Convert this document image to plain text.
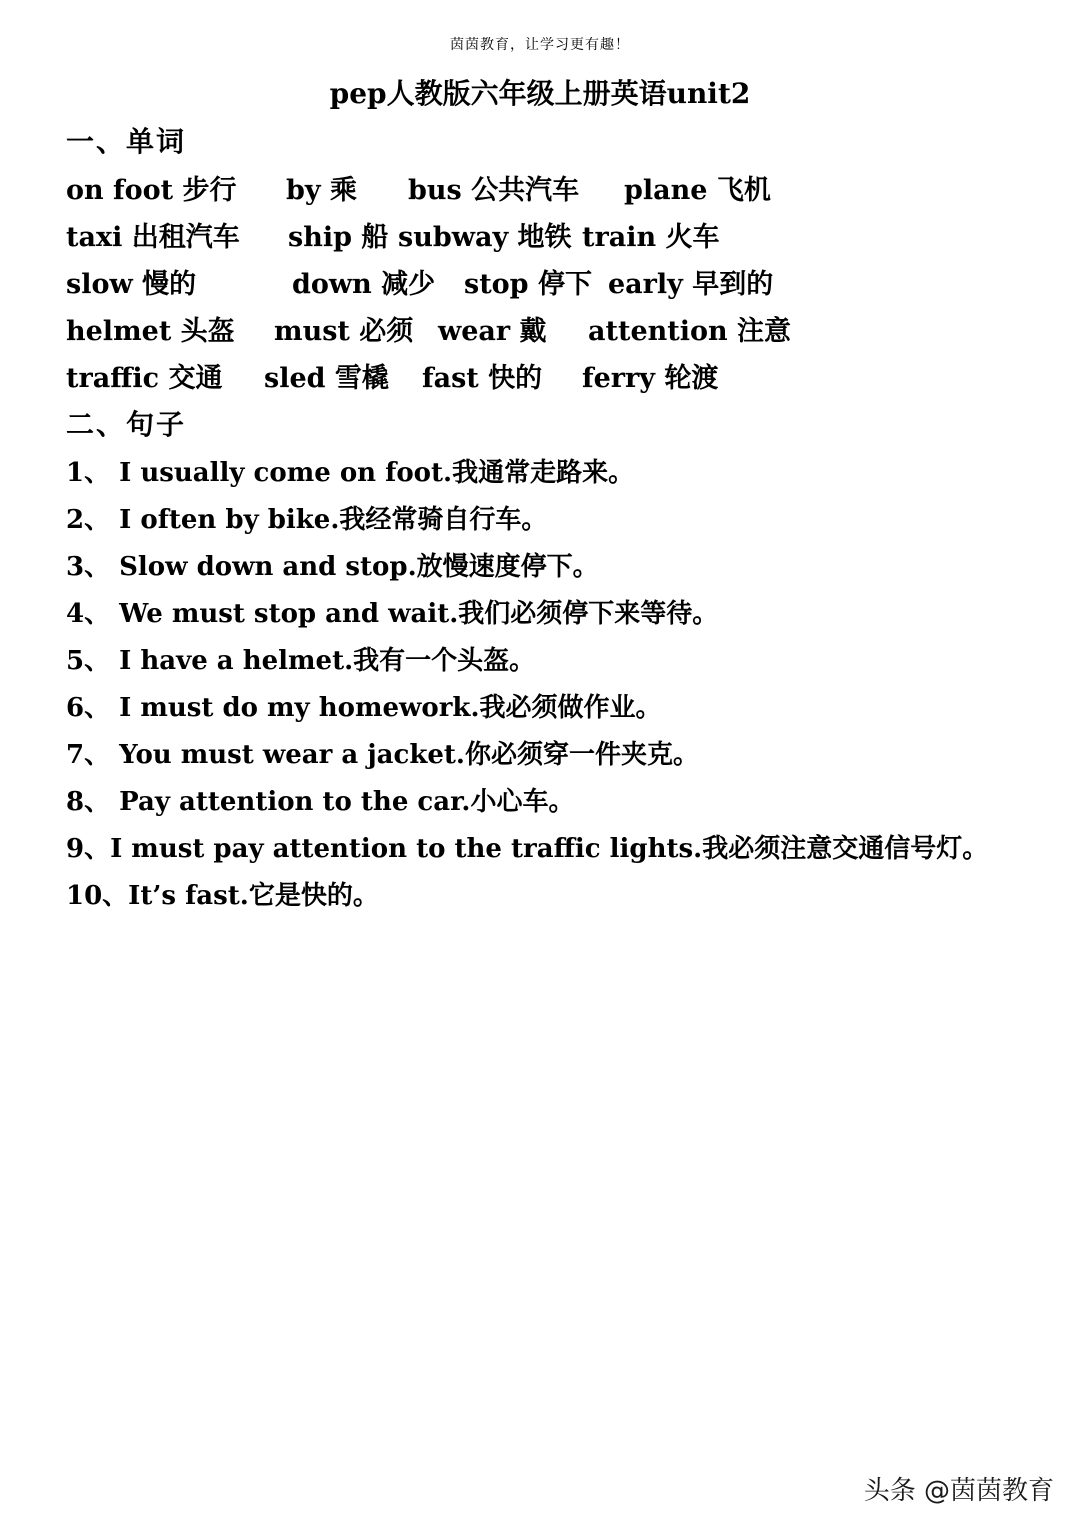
茵茵教育，让学习更有趣！
pep人教版六年级上册英语unit2
一、单词
on foot 步行 by 乘 bus 公共汽车 plane 飞机
taxi 出租汽车 ship 船 subway 地铁 train 火车
slow 慢的	down 减少 stop 停下 early 早到的
helmet 头盔 must 必须 wear 戴 attention 注意
traffic 交通 sled 雪橇 fast 快的 ferry 轮渡
二、句子
1、 I usually come on foot.我通常走路来。
2、 I often by bike.我经常骑自行车。
3、 Slow down and stop.放慢速度停下。
4、 We must stop and wait.我们必须停下来等待。
5、 I have a helmet.我有一个头盔。
6、 I must do my homework.我必须做作业。
7、 You must wear a jacket.你必须穿一件夹克。
8、 Pay attention to the car.小心车。
9、I must pay attention to the traffic lights.我必须注意交通信号灯。
10、It’s fast.它是快的。
头条 @茵茵教育
